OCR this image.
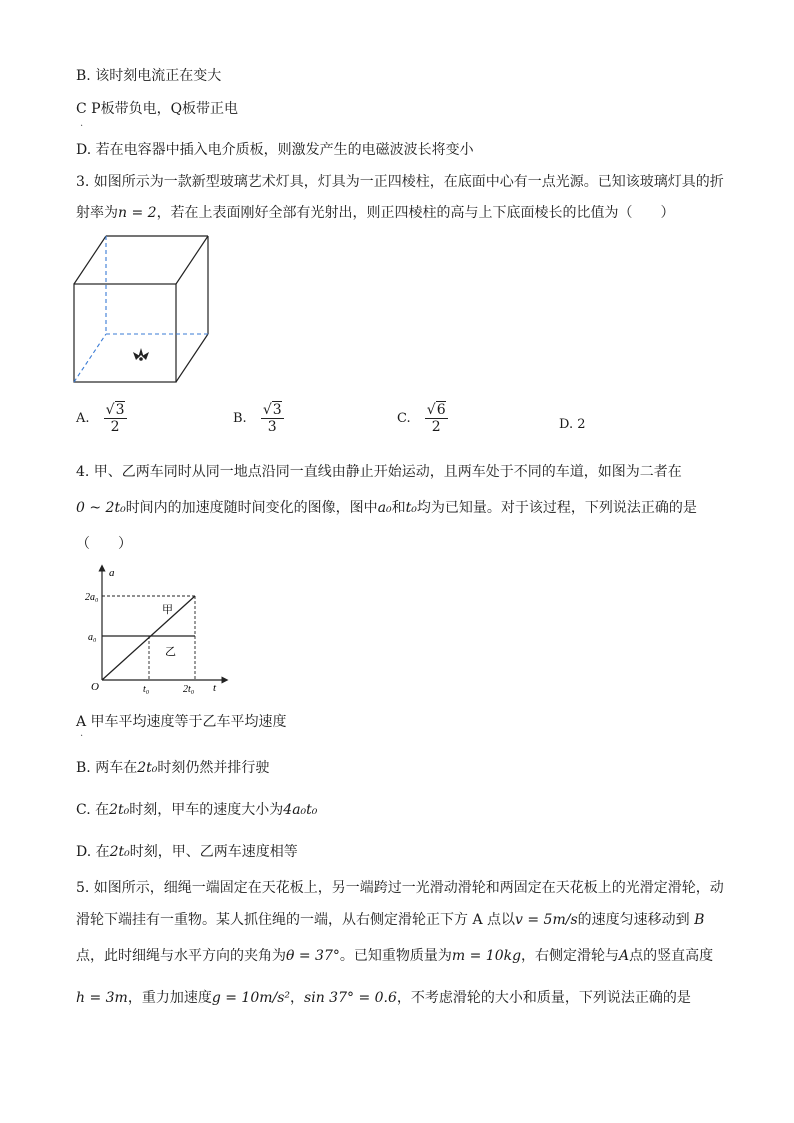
B. 该时刻电流正在变大
C P板带负电，Q板带正电
.
D. 若在电容器中插入电介质板，则激发产生的电磁波波长将变小
3. 如图所示为一款新型玻璃艺术灯具，灯具为一正四棱柱，在底面中心有一点光源。已知该玻璃灯具的折
射率为n = 2，若在上表面刚好全部有光射出，则正四棱柱的高与上下底面棱长的比值为（　　）
A. $\frac{√3}{2}$	B. $\frac{√3}{3}$	C. $\frac{√6}{2}$	D. 2
4. 甲、乙两车同时从同一地点沿同一直线由静止开始运动，且两车处于不同的车道，如图为二者在
0 ~ 2t₀时间内的加速度随时间变化的图像，图中a₀和t₀均为已知量。对于该过程，下列说法正确的是
（　　）
a
t
O
2a₀
a₀
t₀	2t₀
甲
乙
A 甲车平均速度等于乙车平均速度
.
B. 两车在2t₀时刻仍然并排行驶
C. 在2t₀时刻，甲车的速度大小为4a₀t₀
D. 在2t₀时刻，甲、乙两车速度相等
5. 如图所示，细绳一端固定在天花板上，另一端跨过一光滑动滑轮和两固定在天花板上的光滑定滑轮，动
滑轮下端挂有一重物。某人抓住绳的一端，从右侧定滑轮正下方 A 点以v = 5m/s的速度匀速移动到 B
点，此时细绳与水平方向的夹角为θ = 37°。已知重物质量为m = 10kg，右侧定滑轮与A点的竖直高度
h = 3m，重力加速度g = 10m/s²，sin 37° = 0.6，不考虑滑轮的大小和质量，下列说法正确的是
